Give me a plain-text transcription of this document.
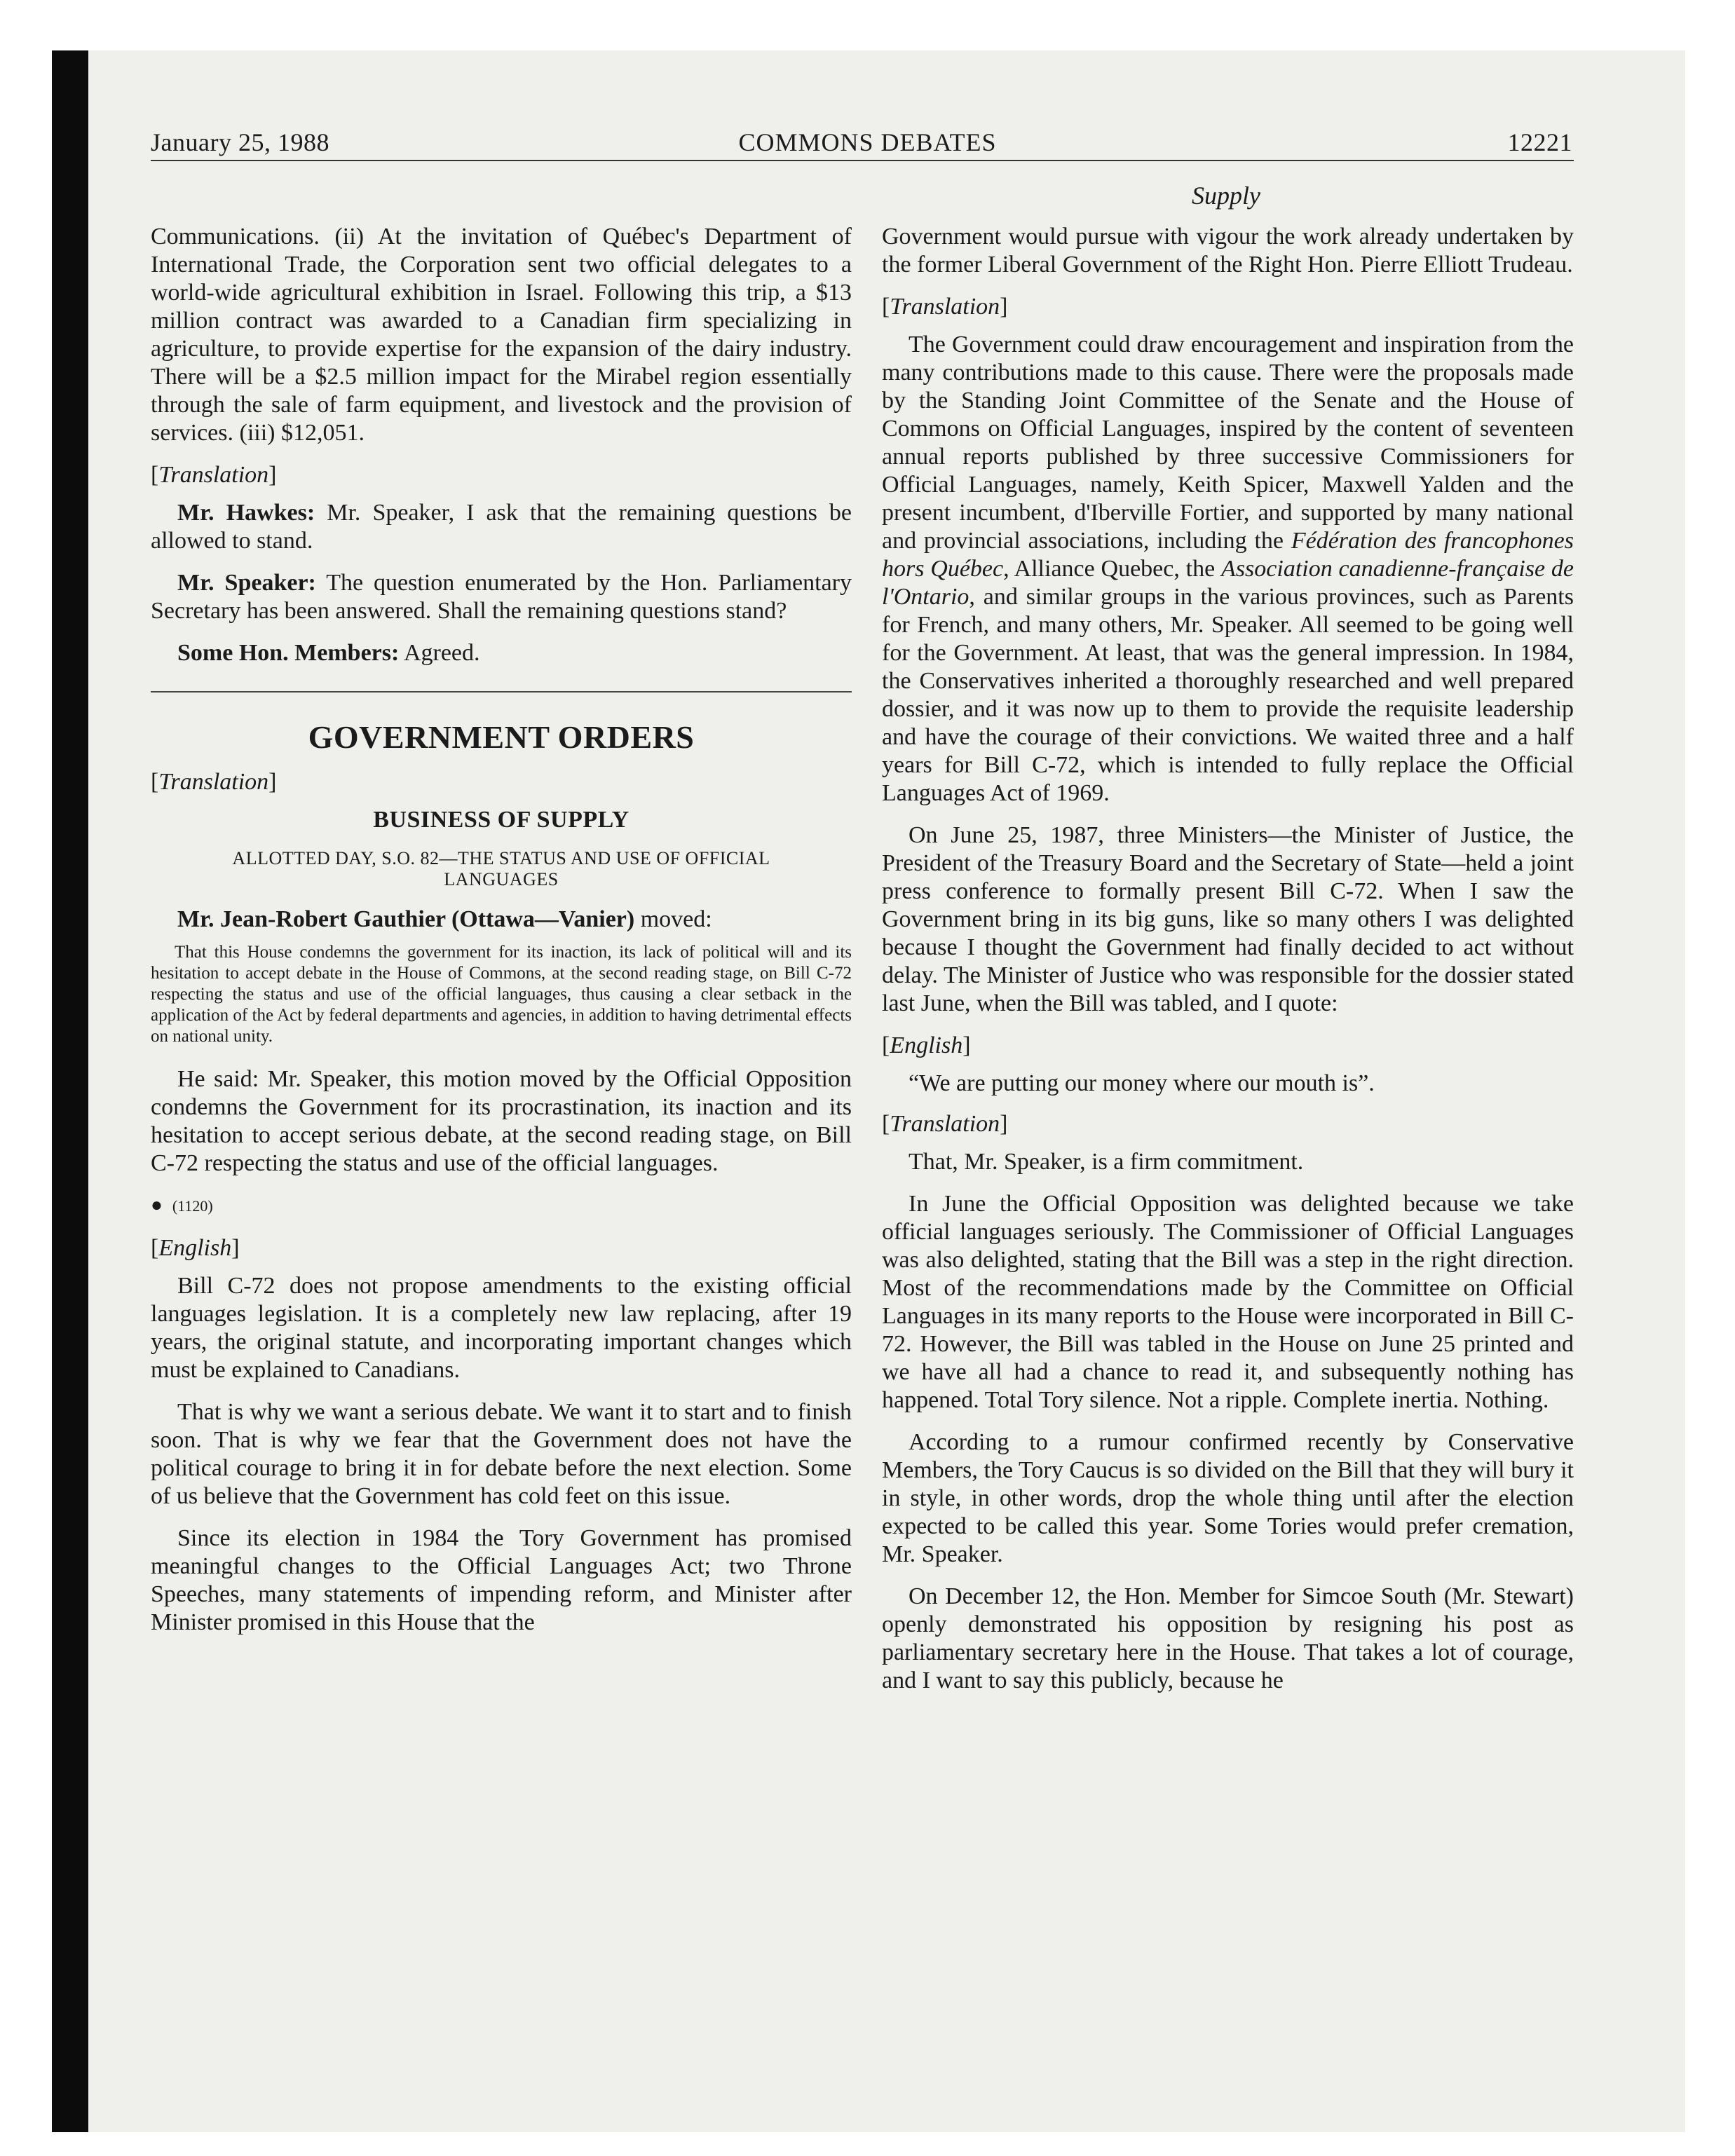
January 25, 1988	COMMONS DEBATES	12221
Supply

Communications. (ii) At the invitation of Québec's Department of International Trade, the Corporation sent two official delegates to a world-wide agricultural exhibition in Israel. Following this trip, a $13 million contract was awarded to a Canadian firm specializing in agriculture, to provide expertise for the expansion of the dairy industry. There will be a $2.5 million impact for the Mirabel region essentially through the sale of farm equipment, and livestock and the provision of services. (iii) $12,051.

[Translation]

Mr. Hawkes: Mr. Speaker, I ask that the remaining questions be allowed to stand.

Mr. Speaker: The question enumerated by the Hon. Parliamentary Secretary has been answered. Shall the remaining questions stand?

Some Hon. Members: Agreed.

GOVERNMENT ORDERS
[Translation]
BUSINESS OF SUPPLY
ALLOTTED DAY, S.O. 82—THE STATUS AND USE OF OFFICIAL LANGUAGES
Mr. Jean-Robert Gauthier (Ottawa—Vanier) moved:
That this House condemns the government for its inaction, its lack of political will and its hesitation to accept debate in the House of Commons, at the second reading stage, on Bill C-72 respecting the status and use of the official languages, thus causing a clear setback in the application of the Act by federal departments and agencies, in addition to having detrimental effects on national unity.

He said: Mr. Speaker, this motion moved by the Official Opposition condemns the Government for its procrastination, its inaction and its hesitation to accept serious debate, at the second reading stage, on Bill C-72 respecting the status and use of the official languages.

● (1120)
[English]

Bill C-72 does not propose amendments to the existing official languages legislation. It is a completely new law replacing, after 19 years, the original statute, and incorporating important changes which must be explained to Canadians.

That is why we want a serious debate. We want it to start and to finish soon. That is why we fear that the Government does not have the political courage to bring it in for debate before the next election. Some of us believe that the Government has cold feet on this issue.

Since its election in 1984 the Tory Government has promised meaningful changes to the Official Languages Act; two Throne Speeches, many statements of impending reform, and Minister after Minister promised in this House that the

Government would pursue with vigour the work already undertaken by the former Liberal Government of the Right Hon. Pierre Elliott Trudeau.

[Translation]

The Government could draw encouragement and inspiration from the many contributions made to this cause. There were the proposals made by the Standing Joint Committee of the Senate and the House of Commons on Official Languages, inspired by the content of seventeen annual reports published by three successive Commissioners for Official Languages, namely, Keith Spicer, Maxwell Yalden and the present incumbent, d'Iberville Fortier, and supported by many national and provincial associations, including the Fédération des francophones hors Québec, Alliance Quebec, the Association canadienne-française de l'Ontario, and similar groups in the various provinces, such as Parents for French, and many others, Mr. Speaker. All seemed to be going well for the Government. At least, that was the general impression. In 1984, the Conservatives inherited a thoroughly researched and well prepared dossier, and it was now up to them to provide the requisite leadership and have the courage of their convictions. We waited three and a half years for Bill C-72, which is intended to fully replace the Official Languages Act of 1969.

On June 25, 1987, three Ministers—the Minister of Justice, the President of the Treasury Board and the Secretary of State—held a joint press conference to formally present Bill C-72. When I saw the Government bring in its big guns, like so many others I was delighted because I thought the Government had finally decided to act without delay. The Minister of Justice who was responsible for the dossier stated last June, when the Bill was tabled, and I quote:

[English]

“We are putting our money where our mouth is”.

[Translation]

That, Mr. Speaker, is a firm commitment.

In June the Official Opposition was delighted because we take official languages seriously. The Commissioner of Official Languages was also delighted, stating that the Bill was a step in the right direction. Most of the recommendations made by the Committee on Official Languages in its many reports to the House were incorporated in Bill C-72. However, the Bill was tabled in the House on June 25 printed and we have all had a chance to read it, and subsequently nothing has happened. Total Tory silence. Not a ripple. Complete inertia. Nothing.

According to a rumour confirmed recently by Conservative Members, the Tory Caucus is so divided on the Bill that they will bury it in style, in other words, drop the whole thing until after the election expected to be called this year. Some Tories would prefer cremation, Mr. Speaker.

On December 12, the Hon. Member for Simcoe South (Mr. Stewart) openly demonstrated his opposition by resigning his post as parliamentary secretary here in the House. That takes a lot of courage, and I want to say this publicly, because he
